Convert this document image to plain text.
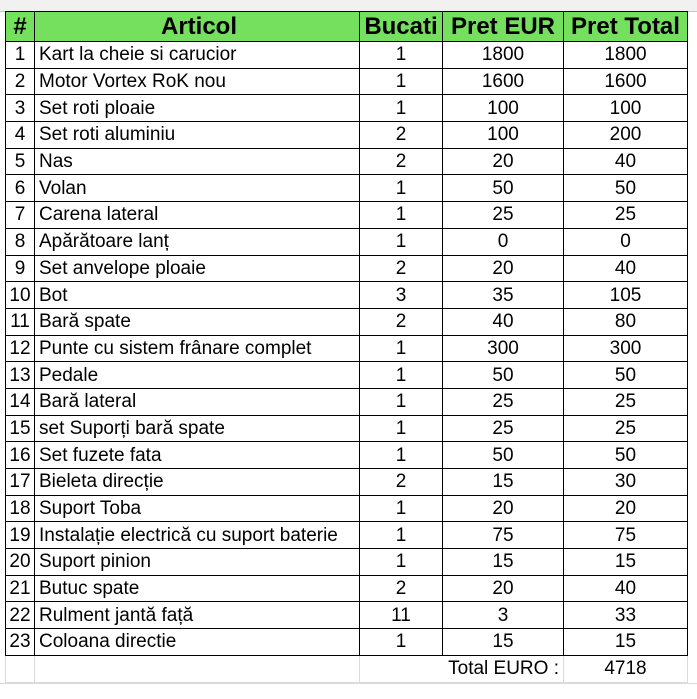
#	Articol	Bucati	Pret EUR	Pret Total
1	Kart la cheie si carucior	1	1800	1800
2	Motor Vortex RoK nou	1	1600	1600
3	Set roti ploaie	1	100	100
4	Set roti aluminiu	2	100	200
5	Nas	2	20	40
6	Volan	1	50	50
7	Carena lateral	1	25	25
8	Apărătoare lanț	1	0	0
9	Set anvelope ploaie	2	20	40
10	Bot	3	35	105
11	Bară spate	2	40	80
12	Punte cu sistem frânare complet	1	300	300
13	Pedale	1	50	50
14	Bară lateral	1	25	25
15	set Suporți bară spate	1	25	25
16	Set fuzete fata	1	50	50
17	Bieleta direcție	2	15	30
18	Suport Toba	1	20	20
19	Instalație electrică cu suport baterie	1	75	75
20	Suport pinion	1	15	15
21	Butuc spate	2	20	40
22	Rulment jantă față	11	3	33
23	Coloana directie	1	15	15
		Total EURO :		4718
